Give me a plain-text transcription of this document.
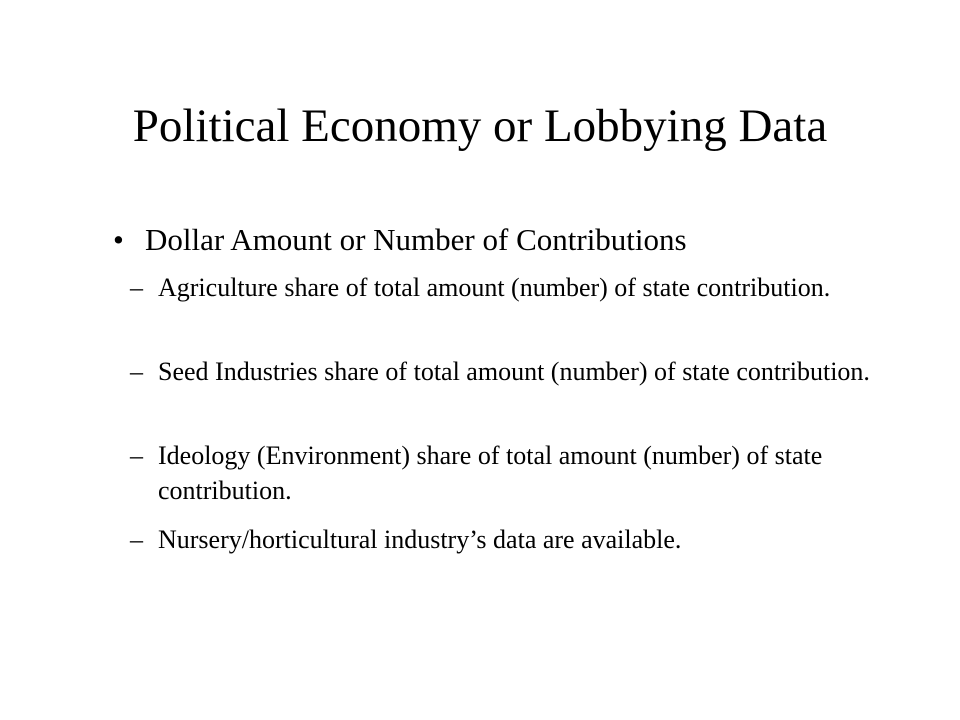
Political Economy or Lobbying Data
• Dollar Amount or Number of Contributions
– Agriculture share of total amount (number) of state contribution.
– Seed Industries share of total amount (number) of state contribution.
– Ideology (Environment) share of total amount (number) of state contribution.
– Nursery/horticultural industry’s data are available.
